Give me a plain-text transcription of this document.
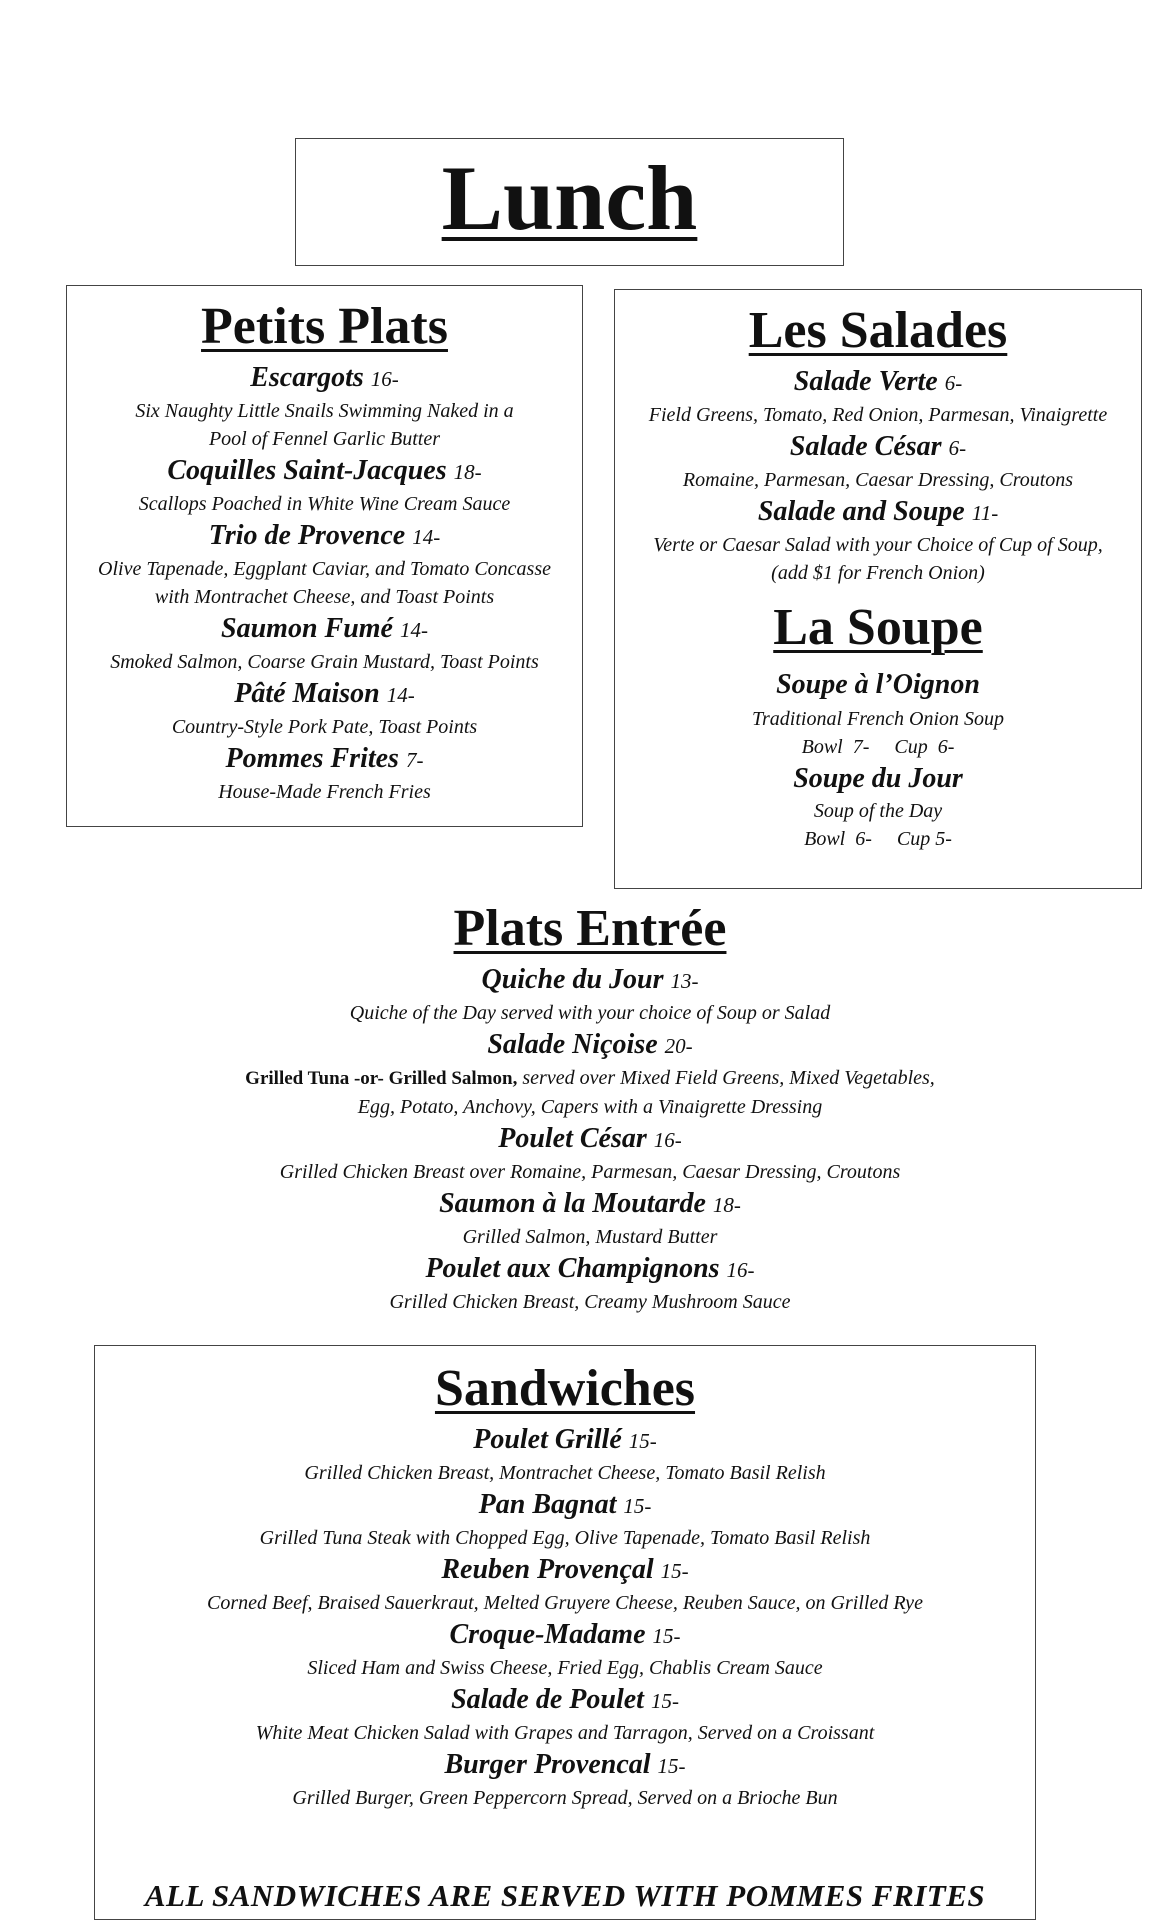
Lunch
Petits Plats
Escargots 16-
Six Naughty Little Snails Swimming Naked in a
Pool of Fennel Garlic Butter
Coquilles Saint-Jacques 18-
Scallops Poached in White Wine Cream Sauce
Trio de Provence 14-
Olive Tapenade, Eggplant Caviar, and Tomato Concasse
with Montrachet Cheese, and Toast Points
Saumon Fumé 14-
Smoked Salmon, Coarse Grain Mustard, Toast Points
Pâté Maison 14-
Country-Style Pork Pate, Toast Points
Pommes Frites 7-
House-Made French Fries
Les Salades
Salade Verte 6-
Field Greens, Tomato, Red Onion, Parmesan, Vinaigrette
Salade César 6-
Romaine, Parmesan, Caesar Dressing, Croutons
Salade and Soupe 11-
Verte or Caesar Salad with your Choice of Cup of Soup,
(add $1 for French Onion)
La Soupe
Soupe à l’Oignon
Traditional French Onion Soup
Bowl  7-     Cup  6-
Soupe du Jour
Soup of the Day
Bowl  6-     Cup 5-
Plats Entrée
Quiche du Jour 13-
Quiche of the Day served with your choice of Soup or Salad
Salade Niçoise 20-
Grilled Tuna -or- Grilled Salmon, served over Mixed Field Greens, Mixed Vegetables,
Egg, Potato, Anchovy, Capers with a Vinaigrette Dressing
Poulet César 16-
Grilled Chicken Breast over Romaine, Parmesan, Caesar Dressing, Croutons
Saumon à la Moutarde 18-
Grilled Salmon, Mustard Butter
Poulet aux Champignons 16-
Grilled Chicken Breast, Creamy Mushroom Sauce
Sandwiches
Poulet Grillé 15-
Grilled Chicken Breast, Montrachet Cheese, Tomato Basil Relish
Pan Bagnat 15-
Grilled Tuna Steak with Chopped Egg, Olive Tapenade, Tomato Basil Relish
Reuben Provençal 15-
Corned Beef, Braised Sauerkraut, Melted Gruyere Cheese, Reuben Sauce, on Grilled Rye
Croque-Madame 15-
Sliced Ham and Swiss Cheese, Fried Egg, Chablis Cream Sauce
Salade de Poulet 15-
White Meat Chicken Salad with Grapes and Tarragon, Served on a Croissant
Burger Provencal 15-
Grilled Burger, Green Peppercorn Spread, Served on a Brioche Bun
ALL SANDWICHES ARE SERVED WITH POMMES FRITES
